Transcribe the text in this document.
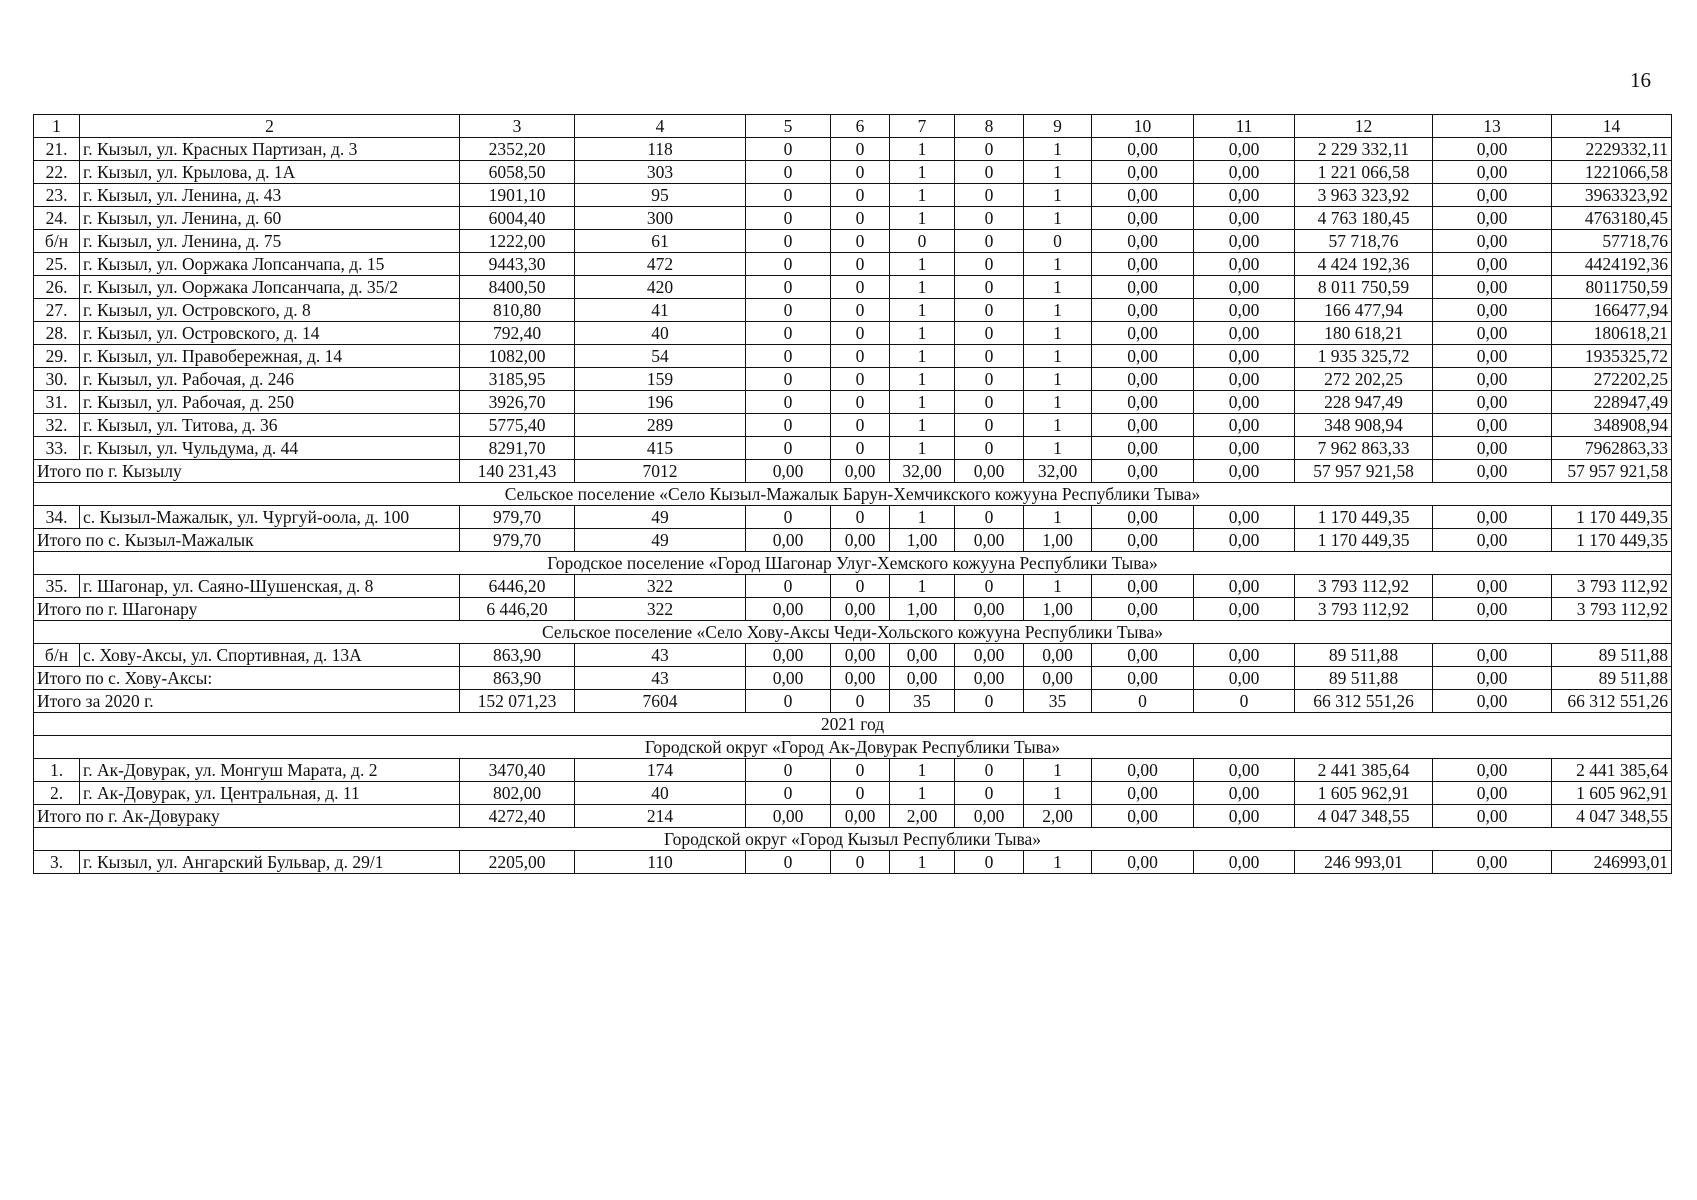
16
1	2	3	4	5	6	7	8	9	10	11	12	13	14
21.	г. Кызыл, ул. Красных Партизан, д. 3	2352,20	118	0	0	1	0	1	0,00	0,00	2 229 332,11	0,00	2229332,11
22.	г. Кызыл, ул. Крылова, д. 1А	6058,50	303	0	0	1	0	1	0,00	0,00	1 221 066,58	0,00	1221066,58
23.	г. Кызыл, ул. Ленина, д. 43	1901,10	95	0	0	1	0	1	0,00	0,00	3 963 323,92	0,00	3963323,92
24.	г. Кызыл, ул. Ленина, д. 60	6004,40	300	0	0	1	0	1	0,00	0,00	4 763 180,45	0,00	4763180,45
б/н	г. Кызыл, ул. Ленина, д. 75	1222,00	61	0	0	0	0	0	0,00	0,00	57 718,76	0,00	57718,76
25.	г. Кызыл, ул. Ооржака Лопсанчапа, д. 15	9443,30	472	0	0	1	0	1	0,00	0,00	4 424 192,36	0,00	4424192,36
26.	г. Кызыл, ул. Ооржака Лопсанчапа, д. 35/2	8400,50	420	0	0	1	0	1	0,00	0,00	8 011 750,59	0,00	8011750,59
27.	г. Кызыл, ул. Островского, д. 8	810,80	41	0	0	1	0	1	0,00	0,00	166 477,94	0,00	166477,94
28.	г. Кызыл, ул. Островского, д. 14	792,40	40	0	0	1	0	1	0,00	0,00	180 618,21	0,00	180618,21
29.	г. Кызыл, ул. Правобережная, д. 14	1082,00	54	0	0	1	0	1	0,00	0,00	1 935 325,72	0,00	1935325,72
30.	г. Кызыл, ул. Рабочая, д. 246	3185,95	159	0	0	1	0	1	0,00	0,00	272 202,25	0,00	272202,25
31.	г. Кызыл, ул. Рабочая, д. 250	3926,70	196	0	0	1	0	1	0,00	0,00	228 947,49	0,00	228947,49
32.	г. Кызыл, ул. Титова, д. 36	5775,40	289	0	0	1	0	1	0,00	0,00	348 908,94	0,00	348908,94
33.	г. Кызыл, ул. Чульдума, д. 44	8291,70	415	0	0	1	0	1	0,00	0,00	7 962 863,33	0,00	7962863,33
Итого по г. Кызылу		140 231,43	7012	0,00	0,00	32,00	0,00	32,00	0,00	0,00	57 957 921,58	0,00	57 957 921,58
Сельское поселение «Село Кызыл-Мажалык Барун-Хемчикского кожууна Республики Тыва»													
34.	с. Кызыл-Мажалык, ул. Чургуй-оола, д. 100	979,70	49	0	0	1	0	1	0,00	0,00	1 170 449,35	0,00	1 170 449,35
Итого по с. Кызыл-Мажалык		979,70	49	0,00	0,00	1,00	0,00	1,00	0,00	0,00	1 170 449,35	0,00	1 170 449,35
Городское поселение «Город Шагонар Улуг-Хемского кожууна Республики Тыва»													
35.	г. Шагонар, ул. Саяно-Шушенская, д. 8	6446,20	322	0	0	1	0	1	0,00	0,00	3 793 112,92	0,00	3 793 112,92
Итого по г. Шагонару		6 446,20	322	0,00	0,00	1,00	0,00	1,00	0,00	0,00	3 793 112,92	0,00	3 793 112,92
Сельское поселение «Село Хову-Аксы Чеди-Хольского кожууна Республики Тыва»													
б/н	с. Хову-Аксы, ул. Спортивная, д. 13А	863,90	43	0,00	0,00	0,00	0,00	0,00	0,00	0,00	89 511,88	0,00	89 511,88
Итого по с. Хову-Аксы:		863,90	43	0,00	0,00	0,00	0,00	0,00	0,00	0,00	89 511,88	0,00	89 511,88
Итого за 2020 г.		152 071,23	7604	0	0	35	0	35	0	0	66 312 551,26	0,00	66 312 551,26
2021 год													
Городской округ «Город Ак-Довурак Республики Тыва»													
1.	г. Ак-Довурак, ул. Монгуш Марата, д. 2	3470,40	174	0	0	1	0	1	0,00	0,00	2 441 385,64	0,00	2 441 385,64
2.	г. Ак-Довурак, ул. Центральная, д. 11	802,00	40	0	0	1	0	1	0,00	0,00	1 605 962,91	0,00	1 605 962,91
Итого по г. Ак-Довураку		4272,40	214	0,00	0,00	2,00	0,00	2,00	0,00	0,00	4 047 348,55	0,00	4 047 348,55
Городской округ «Город Кызыл Республики Тыва»													
3.	г. Кызыл, ул. Ангарский Бульвар, д. 29/1	2205,00	110	0	0	1	0	1	0,00	0,00	246 993,01	0,00	246993,01
